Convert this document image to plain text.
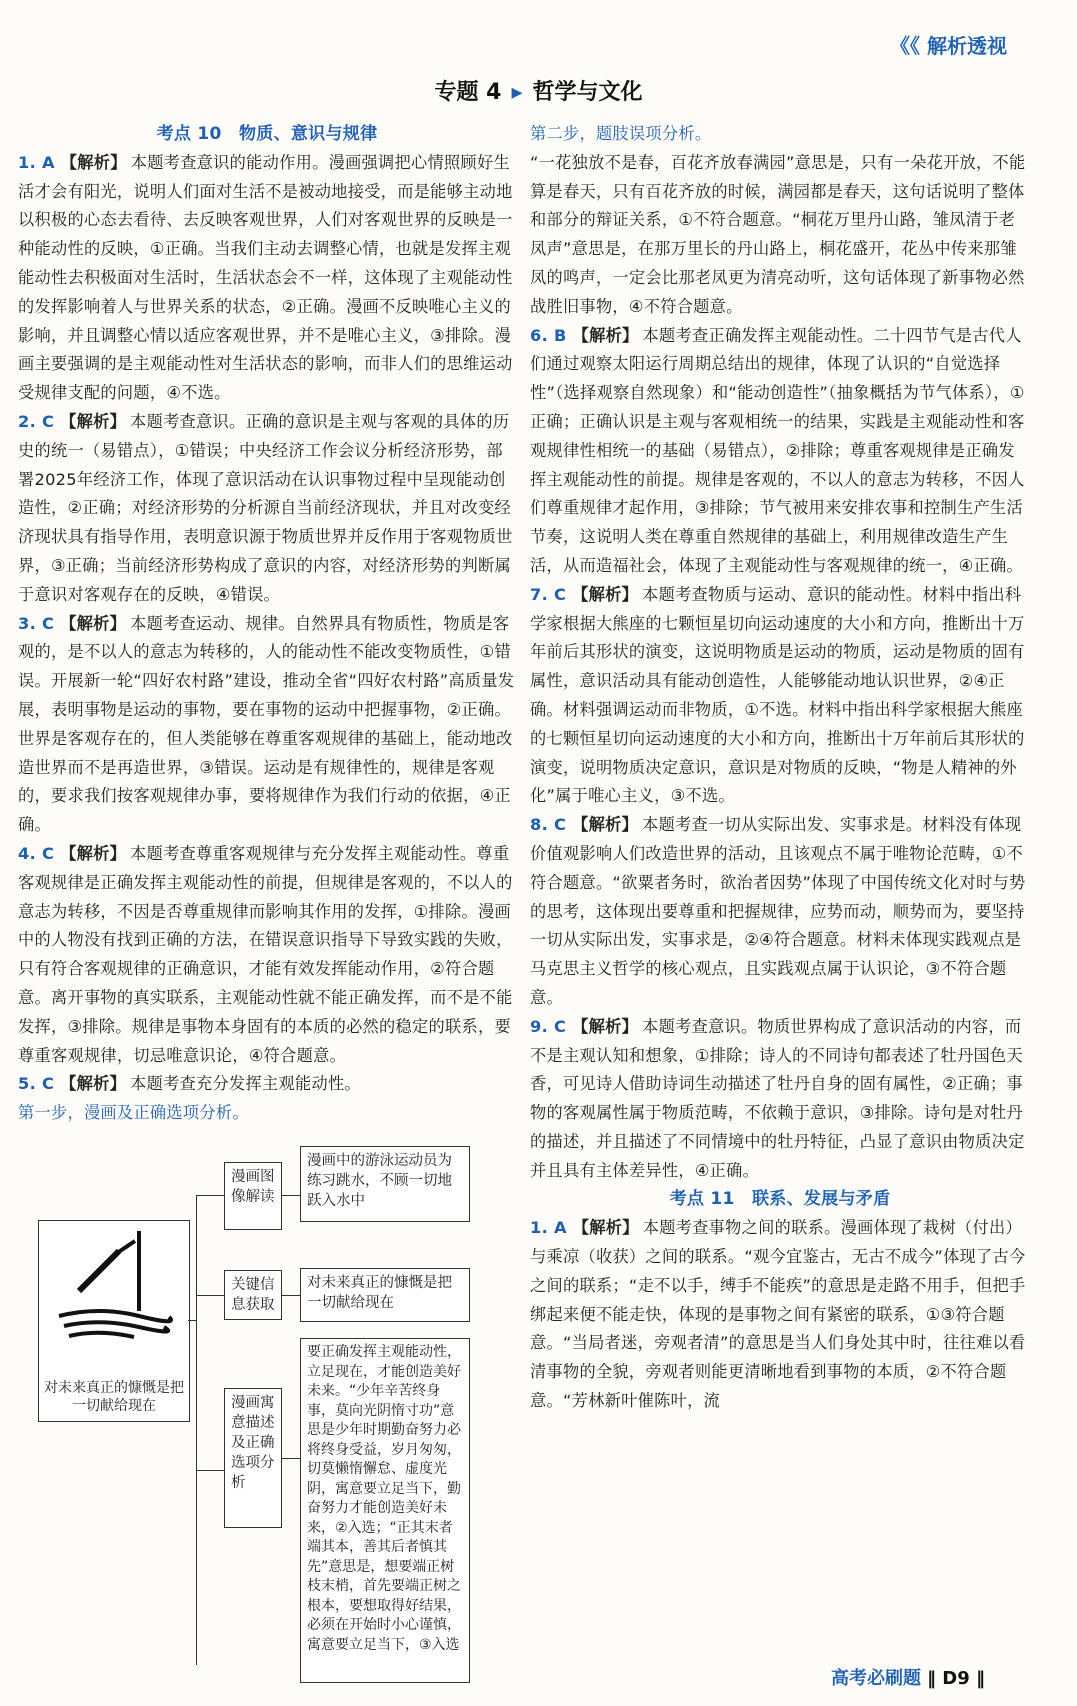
《《 解析透视
专题 4 ▸ 哲学与文化
考点 10　物质、意识与规律

1. A 【解析】 本题考查意识的能动作用。漫画强调把心情照顾好生活才会有阳光，说明人们面对生活不是被动地接受，而是能够主动地以积极的心态去看待、去反映客观世界，人们对客观世界的反映是一种能动性的反映，①正确。当我们主动去调整心情，也就是发挥主观能动性去积极面对生活时，生活状态会不一样，这体现了主观能动性的发挥影响着人与世界关系的状态，②正确。漫画不反映唯心主义的影响，并且调整心情以适应客观世界，并不是唯心主义，③排除。漫画主要强调的是主观能动性对生活状态的影响，而非人们的思维运动受规律支配的问题，④不选。

2. C 【解析】 本题考查意识。正确的意识是主观与客观的具体的历史的统一（易错点），①错误；中央经济工作会议分析经济形势，部署2025年经济工作，体现了意识活动在认识事物过程中呈现能动创造性，②正确；对经济形势的分析源自当前经济现状，并且对改变经济现状具有指导作用，表明意识源于物质世界并反作用于客观物质世界，③正确；当前经济形势构成了意识的内容，对经济形势的判断属于意识对客观存在的反映，④错误。

3. C 【解析】 本题考查运动、规律。自然界具有物质性，物质是客观的，是不以人的意志为转移的，人的能动性不能改变物质性，①错误。开展新一轮“四好农村路”建设，推动全省“四好农村路”高质量发展，表明事物是运动的事物，要在事物的运动中把握事物，②正确。世界是客观存在的，但人类能够在尊重客观规律的基础上，能动地改造世界而不是再造世界，③错误。运动是有规律性的，规律是客观的，要求我们按客观规律办事，要将规律作为我们行动的依据，④正确。

4. C 【解析】 本题考查尊重客观规律与充分发挥主观能动性。尊重客观规律是正确发挥主观能动性的前提，但规律是客观的，不以人的意志为转移，不因是否尊重规律而影响其作用的发挥，①排除。漫画中的人物没有找到正确的方法，在错误意识指导下导致实践的失败，只有符合客观规律的正确意识，才能有效发挥能动作用，②符合题意。离开事物的真实联系，主观能动性就不能正确发挥，而不是不能发挥，③排除。规律是事物本身固有的本质的必然的稳定的联系，要尊重客观规律，切忌唯意识论，④符合题意。

5. C 【解析】 本题考查充分发挥主观能动性。

第一步，漫画及正确选项分析。

对未来真正的慷慨是把一切献给现在
漫画图像解读
关键信息获取
漫画寓意描述及正确选项分析
漫画中的游泳运动员为练习跳水，不顾一切地跃入水中
对未来真正的慷慨是把一切献给现在
要正确发挥主观能动性，立足现在，才能创造美好未来。“少年辛苦终身事，莫向光阴惰寸功”意思是少年时期勤奋努力必将终身受益，岁月匆匆，切莫懒惰懈怠、虚度光阴，寓意要立足当下，勤奋努力才能创造美好未来，②入选；“正其末者端其本，善其后者慎其先”意思是，想要端正树枝末梢，首先要端正树之根本，要想取得好结果，必须在开始时小心谨慎，寓意要立足当下，③入选

第二步，题肢误项分析。

“一花独放不是春，百花齐放春满园”意思是，只有一朵花开放，不能算是春天，只有百花齐放的时候，满园都是春天，这句话说明了整体和部分的辩证关系，①不符合题意。“桐花万里丹山路，雏凤清于老凤声”意思是，在那万里长的丹山路上，桐花盛开，花丛中传来那雏凤的鸣声，一定会比那老凤更为清亮动听，这句话体现了新事物必然战胜旧事物，④不符合题意。

6. B 【解析】 本题考查正确发挥主观能动性。二十四节气是古代人们通过观察太阳运行周期总结出的规律，体现了认识的“自觉选择性”（选择观察自然现象）和“能动创造性”（抽象概括为节气体系），①正确；正确认识是主观与客观相统一的结果，实践是主观能动性和客观规律性相统一的基础（易错点），②排除；尊重客观规律是正确发挥主观能动性的前提。规律是客观的，不以人的意志为转移，不因人们尊重规律才起作用，③排除；节气被用来安排农事和控制生产生活节奏，这说明人类在尊重自然规律的基础上，利用规律改造生产生活，从而造福社会，体现了主观能动性与客观规律的统一，④正确。

7. C 【解析】 本题考查物质与运动、意识的能动性。材料中指出科学家根据大熊座的七颗恒星切向运动速度的大小和方向，推断出十万年前后其形状的演变，这说明物质是运动的物质，运动是物质的固有属性，意识活动具有能动创造性，人能够能动地认识世界，②④正确。材料强调运动而非物质，①不选。材料中指出科学家根据大熊座的七颗恒星切向运动速度的大小和方向，推断出十万年前后其形状的演变，说明物质决定意识，意识是对物质的反映，“物是人精神的外化”属于唯心主义，③不选。

8. C 【解析】 本题考查一切从实际出发、实事求是。材料没有体现价值观影响人们改造世界的活动，且该观点不属于唯物论范畴，①不符合题意。“欲粟者务时，欲治者因势”体现了中国传统文化对时与势的思考，这体现出要尊重和把握规律，应势而动，顺势而为，要坚持一切从实际出发，实事求是，②④符合题意。材料未体现实践观点是马克思主义哲学的核心观点，且实践观点属于认识论，③不符合题意。

9. C 【解析】 本题考查意识。物质世界构成了意识活动的内容，而不是主观认知和想象，①排除；诗人的不同诗句都表述了牡丹国色天香，可见诗人借助诗词生动描述了牡丹自身的固有属性，②正确；事物的客观属性属于物质范畴，不依赖于意识，③排除。诗句是对牡丹的描述，并且描述了不同情境中的牡丹特征，凸显了意识由物质决定并且具有主体差异性，④正确。

考点 11　联系、发展与矛盾

1. A 【解析】 本题考查事物之间的联系。漫画体现了栽树（付出）与乘凉（收获）之间的联系。“观今宜鉴古，无古不成今”体现了古今之间的联系；“走不以手，缚手不能疾”的意思是走路不用手，但把手绑起来便不能走快，体现的是事物之间有紧密的联系，①③符合题意。“当局者迷，旁观者清”的意思是当人们身处其中时，往往难以看清事物的全貌，旁观者则能更清晰地看到事物的本质，②不符合题意。“芳林新叶催陈叶，流

高考必刷题 ‖ D9 ‖
